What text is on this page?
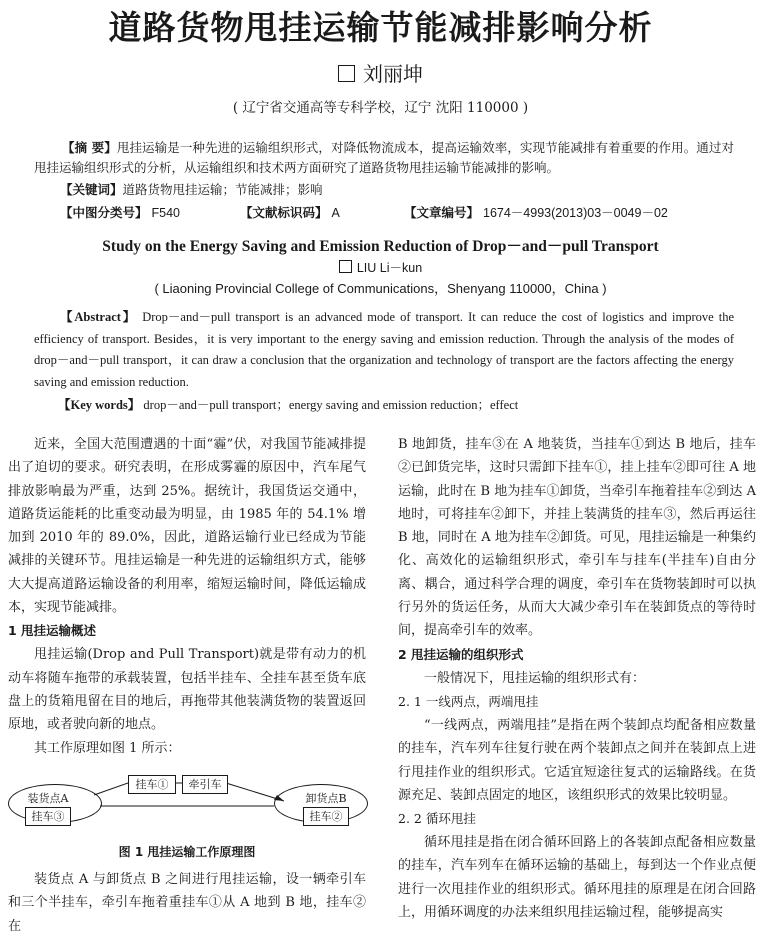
道路货物甩挂运输节能减排影响分析
刘丽坤
( 辽宁省交通高等专科学校，辽宁 沈阳 110000 )
【摘 要】甩挂运输是一种先进的运输组织形式，对降低物流成本，提高运输效率，实现节能减排有着重要的作用。通过对甩挂运输组织形式的分析，从运输组织和技术两方面研究了道路货物甩挂运输节能减排的影响。
【关键词】道路货物甩挂运输；节能减排；影响
【中图分类号】 F540	【文献标识码】 A	【文章编号】 1674－4993(2013)03－0049－02
Study on the Energy Saving and Emission Reduction of Drop－and－pull Transport
LIU Li－kun
( Liaoning Provincial College of Communications，Shenyang 110000，China )
【Abstract】 Drop－and－pull transport is an advanced mode of transport. It can reduce the cost of logistics and improve the efficiency of transport. Besides，it is very important to the energy saving and emission reduction. Through the analysis of the modes of drop－and－pull transport，it can draw a conclusion that the organization and technology of transport are the factors affecting the energy saving and emission reduction.
【Key words】 drop－and－pull transport；energy saving and emission reduction；effect

近来，全国大范围遭遇的十面“霾”伏，对我国节能减排提出了迫切的要求。研究表明，在形成雾霾的原因中，汽车尾气排放影响最为严重，达到 25%。据统计，我国货运交通中，道路货运能耗的比重变动最为明显，由 1985 年的 54.1% 增加到 2010 年的 89.0%，因此，道路运输行业已经成为节能减排的关键环节。甩挂运输是一种先进的运输组织方式，能够大大提高道路运输设备的利用率，缩短运输时间，降低运输成本，实现节能减排。

1 甩挂运输概述

甩挂运输(Drop and Pull Transport)就是带有动力的机动车将随车拖带的承载装置，包括半挂车、全挂车甚至货车底盘上的货箱甩留在目的地后，再拖带其他装满货物的装置返回原地，或者驶向新的地点。

其工作原理如图 1 所示：

装货点A	卸货点B
挂车③	挂车②
挂车①	牵引车
图 1 甩挂运输工作原理图

装货点 A 与卸货点 B 之间进行甩挂运输，设一辆牵引车和三个半挂车，牵引车拖着重挂车①从 A 地到 B 地，挂车②在

B 地卸货，挂车③在 A 地装货，当挂车①到达 B 地后，挂车②已卸货完毕，这时只需卸下挂车①，挂上挂车②即可往 A 地运输，此时在 B 地为挂车①卸货，当牵引车拖着挂车②到达 A 地时，可将挂车②卸下，并挂上装满货的挂车③，然后再运往 B 地，同时在 A 地为挂车②卸货。可见，甩挂运输是一种集约化、高效化的运输组织形式，牵引车与挂车(半挂车)自由分离、耦合，通过科学合理的调度，牵引车在货物装卸时可以执行另外的货运任务，从而大大减少牵引车在装卸货点的等待时间，提高牵引车的效率。

2 甩挂运输的组织形式

一般情况下，甩挂运输的组织形式有：

2. 1 一线两点，两端甩挂

“一线两点，两端甩挂”是指在两个装卸点均配备相应数量的挂车，汽车列车往复行驶在两个装卸点之间并在装卸点上进行甩挂作业的组织形式。它适宜短途往复式的运输路线。在货源充足、装卸点固定的地区，该组织形式的效果比较明显。

2. 2 循环甩挂

循环甩挂是指在闭合循环回路上的各装卸点配备相应数量的挂车，汽车列车在循环运输的基础上，每到达一个作业点便进行一次甩挂作业的组织形式。循环甩挂的原理是在闭合回路上，用循环调度的办法来组织甩挂运输过程，能够提高实
